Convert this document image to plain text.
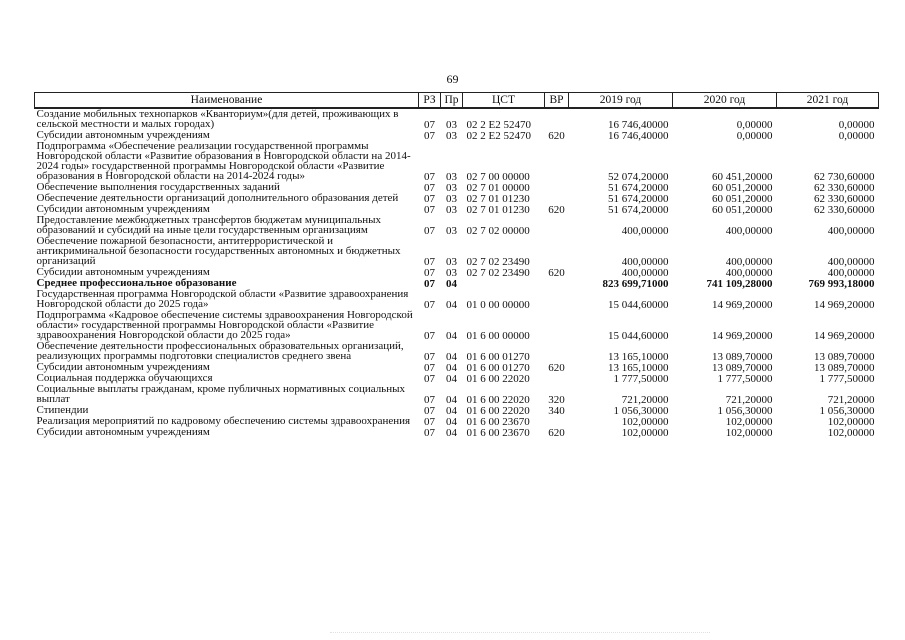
69
Наименование	РЗ	Пр	ЦСТ	ВР	2019 год	2020 год	2021 год
Создание мобильных технопарков «Кванториум»(для детей, проживающих в сельской местности и малых городах)	07	03	02 2 E2 52470		16 746,40000	0,00000	0,00000
Субсидии автономным учреждениям	07	03	02 2 E2 52470	620	16 746,40000	0,00000	0,00000
Подпрограмма «Обеспечение реализации государственной программы Новгородской области «Развитие образования в Новгородской области на 2014-2024 годы» государственной программы Новгородской области «Развитие образования в Новгородской области на 2014-2024 годы»	07	03	02 7 00 00000		52 074,20000	60 451,20000	62 730,60000
Обеспечение выполнения государственных заданий	07	03	02 7 01 00000		51 674,20000	60 051,20000	62 330,60000
Обеспечение деятельности организаций дополнительного образования детей	07	03	02 7 01 01230		51 674,20000	60 051,20000	62 330,60000
Субсидии автономным учреждениям	07	03	02 7 01 01230	620	51 674,20000	60 051,20000	62 330,60000
Предоставление межбюджетных трансфертов бюджетам муниципальных образований и субсидий на иные цели государственным организациям	07	03	02 7 02 00000		400,00000	400,00000	400,00000
Обеспечение пожарной безопасности, антитеррористической и антикриминальной безопасности государственных автономных и бюджетных организаций	07	03	02 7 02 23490		400,00000	400,00000	400,00000
Субсидии автономным учреждениям	07	03	02 7 02 23490	620	400,00000	400,00000	400,00000
Среднее профессиональное образование	07	04			823 699,71000	741 109,28000	769 993,18000
Государственная программа Новгородской области «Развитие здравоохранения Новгородской области до 2025 года»	07	04	01 0 00 00000		15 044,60000	14 969,20000	14 969,20000
Подпрограмма «Кадровое обеспечение системы здравоохранения Новгородской области» государственной программы Новгородской области «Развитие здравоохранения Новгородской области до 2025 года»	07	04	01 6 00 00000		15 044,60000	14 969,20000	14 969,20000
Обеспечение деятельности профессиональных образовательных организаций, реализующих программы подготовки специалистов среднего звена	07	04	01 6 00 01270		13 165,10000	13 089,70000	13 089,70000
Субсидии автономным учреждениям	07	04	01 6 00 01270	620	13 165,10000	13 089,70000	13 089,70000
Социальная поддержка обучающихся	07	04	01 6 00 22020		1 777,50000	1 777,50000	1 777,50000
Социальные выплаты гражданам, кроме публичных нормативных социальных выплат	07	04	01 6 00 22020	320	721,20000	721,20000	721,20000
Стипендии	07	04	01 6 00 22020	340	1 056,30000	1 056,30000	1 056,30000
Реализация мероприятий по кадровому обеспечению системы здравоохранения	07	04	01 6 00 23670		102,00000	102,00000	102,00000
Субсидии автономным учреждениям	07	04	01 6 00 23670	620	102,00000	102,00000	102,00000
